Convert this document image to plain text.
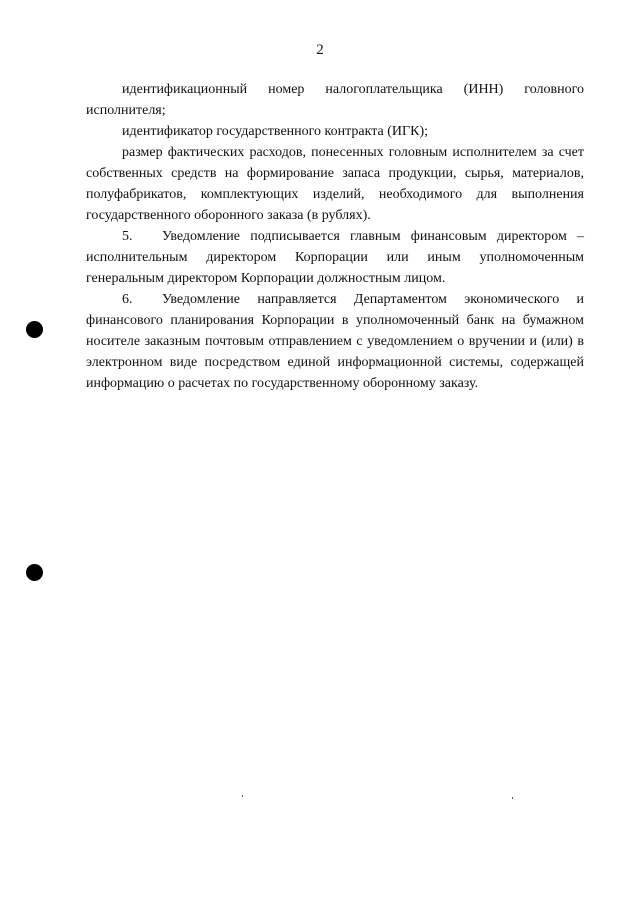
2

идентификационный номер налогоплательщика (ИНН) головного исполнителя;

идентификатор государственного контракта (ИГК);

размер фактических расходов, понесенных головным исполнителем за счет собственных средств на формирование запаса продукции, сырья, материалов, полуфабрикатов, комплектующих изделий, необходимого для выполнения государственного оборонного заказа (в рублях).

5. Уведомление подписывается главным финансовым директором – исполнительным директором Корпорации или иным уполномоченным генеральным директором Корпорации должностным лицом.

6. Уведомление направляется Департаментом экономического и финансового планирования Корпорации в уполномоченный банк на бумажном носителе заказным почтовым отправлением с уведомлением о вручении и (или) в электронном виде посредством единой информационной системы, содержащей информацию о расчетах по государственному оборонному заказу.
